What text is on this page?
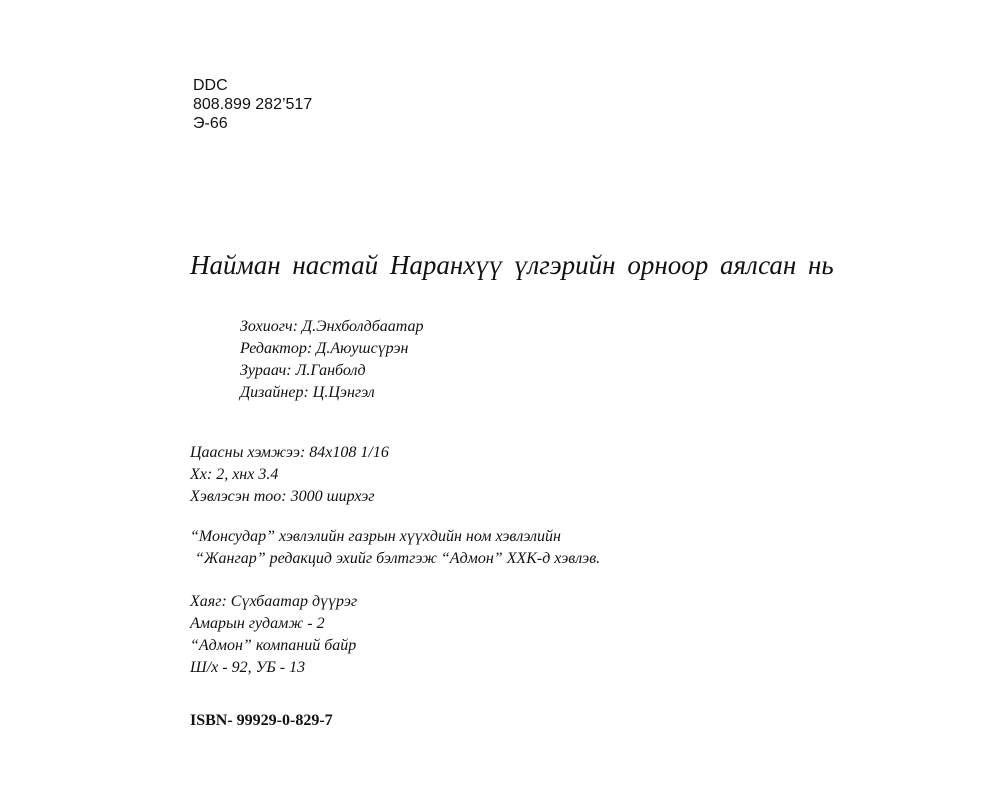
DDC
808.899 282’517
Э-66
Найман настай Наранхүү үлгэрийн орноор аялсан нь
Зохиогч: Д.Энхболдбаатар
Редактор: Д.Аюушсүрэн
Зураач: Л.Ганболд
Дизайнер: Ц.Цэнгэл
Цаасны хэмжээ: 84x108 1/16
Хх: 2, хнх 3.4
Хэвлэсэн тоо: 3000 ширхэг
“Монсудар” хэвлэлийн газрын хүүхдийн ном хэвлэлийн
“Жангар” редакцид эхийг бэлтгэж “Адмон” ХХК-д хэвлэв.
Хаяг: Сүхбаатар дүүрэг
Амарын гудамж - 2
“Адмон” компаний байр
Ш/х - 92, УБ - 13
ISBN- 99929-0-829-7
